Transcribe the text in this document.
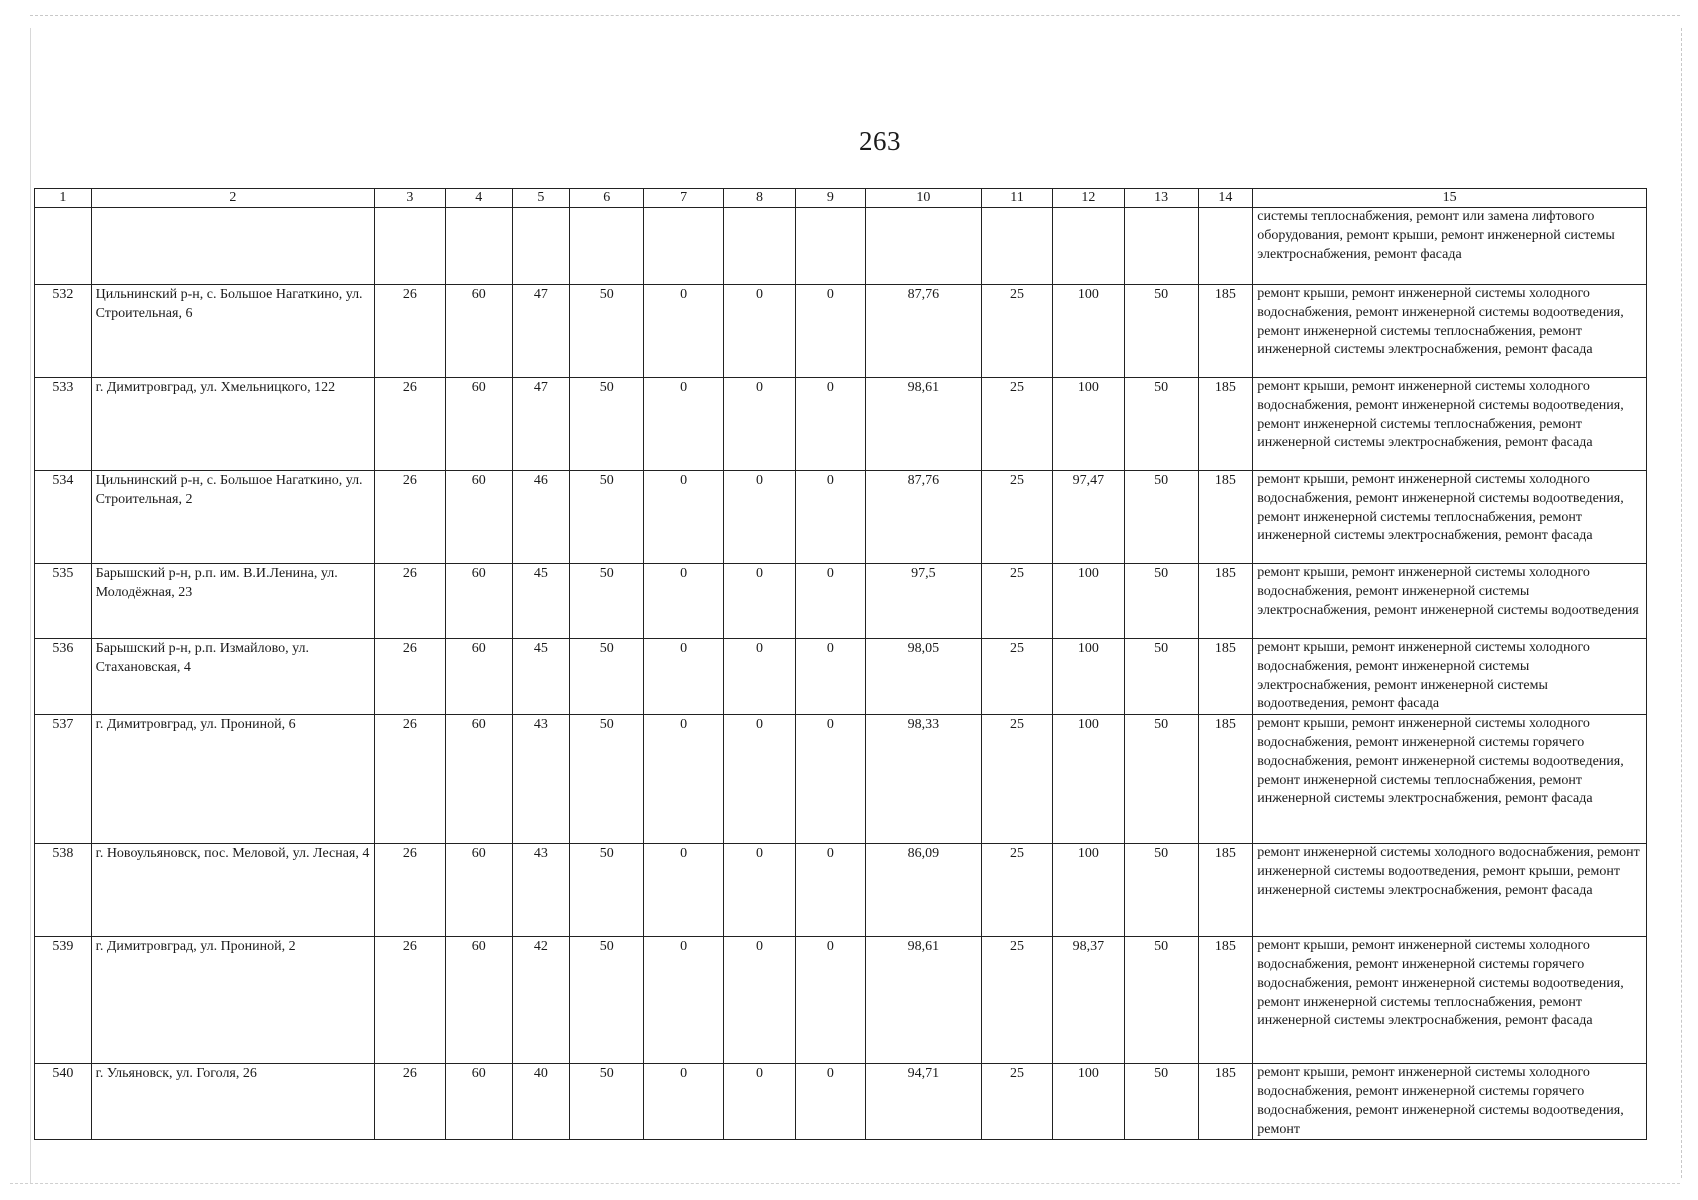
263
1	2	3	4	5	6	7	8	9	10	11	12	13	14	15
														системы теплоснабжения, ремонт или замена лифтового оборудования, ремонт крыши, ремонт инженерной системы электроснабжения, ремонт фасада
532	Цильнинский р-н, с. Большое Нагаткино, ул. Строительная, 6	26	60	47	50	0	0	0	87,76	25	100	50	185	ремонт крыши, ремонт инженерной системы холодного водоснабжения, ремонт инженерной системы водоотведения, ремонт инженерной системы теплоснабжения, ремонт инженерной системы электроснабжения, ремонт фасада
533	г. Димитровград, ул. Хмельницкого, 122	26	60	47	50	0	0	0	98,61	25	100	50	185	ремонт крыши, ремонт инженерной системы холодного водоснабжения, ремонт инженерной системы водоотведения, ремонт инженерной системы теплоснабжения, ремонт инженерной системы электроснабжения, ремонт фасада
534	Цильнинский р-н, с. Большое Нагаткино, ул. Строительная, 2	26	60	46	50	0	0	0	87,76	25	97,47	50	185	ремонт крыши, ремонт инженерной системы холодного водоснабжения, ремонт инженерной системы водоотведения, ремонт инженерной системы теплоснабжения, ремонт инженерной системы электроснабжения, ремонт фасада
535	Барышский р-н, р.п. им. В.И.Ленина, ул. Молодёжная, 23	26	60	45	50	0	0	0	97,5	25	100	50	185	ремонт крыши, ремонт инженерной системы холодного водоснабжения, ремонт инженерной системы электроснабжения, ремонт инженерной системы водоотведения
536	Барышский р-н, р.п. Измайлово, ул. Стахановская, 4	26	60	45	50	0	0	0	98,05	25	100	50	185	ремонт крыши, ремонт инженерной системы холодного водоснабжения, ремонт инженерной системы электроснабжения, ремонт инженерной системы водоотведения, ремонт фасада
537	г. Димитровград, ул. Прониной, 6	26	60	43	50	0	0	0	98,33	25	100	50	185	ремонт крыши, ремонт инженерной системы холодного водоснабжения, ремонт инженерной системы горячего водоснабжения, ремонт инженерной системы водоотведения, ремонт инженерной системы теплоснабжения, ремонт инженерной системы электроснабжения, ремонт фасада
538	г. Новоульяновск, пос. Меловой, ул. Лесная, 4	26	60	43	50	0	0	0	86,09	25	100	50	185	ремонт инженерной системы холодного водоснабжения, ремонт инженерной системы водоотведения, ремонт крыши, ремонт инженерной системы электроснабжения, ремонт фасада
539	г. Димитровград, ул. Прониной, 2	26	60	42	50	0	0	0	98,61	25	98,37	50	185	ремонт крыши, ремонт инженерной системы холодного водоснабжения, ремонт инженерной системы горячего водоснабжения, ремонт инженерной системы водоотведения, ремонт инженерной системы теплоснабжения, ремонт инженерной системы электроснабжения, ремонт фасада
540	г. Ульяновск, ул. Гоголя, 26	26	60	40	50	0	0	0	94,71	25	100	50	185	ремонт крыши, ремонт инженерной системы холодного водоснабжения, ремонт инженерной системы горячего водоснабжения, ремонт инженерной системы водоотведения, ремонт
